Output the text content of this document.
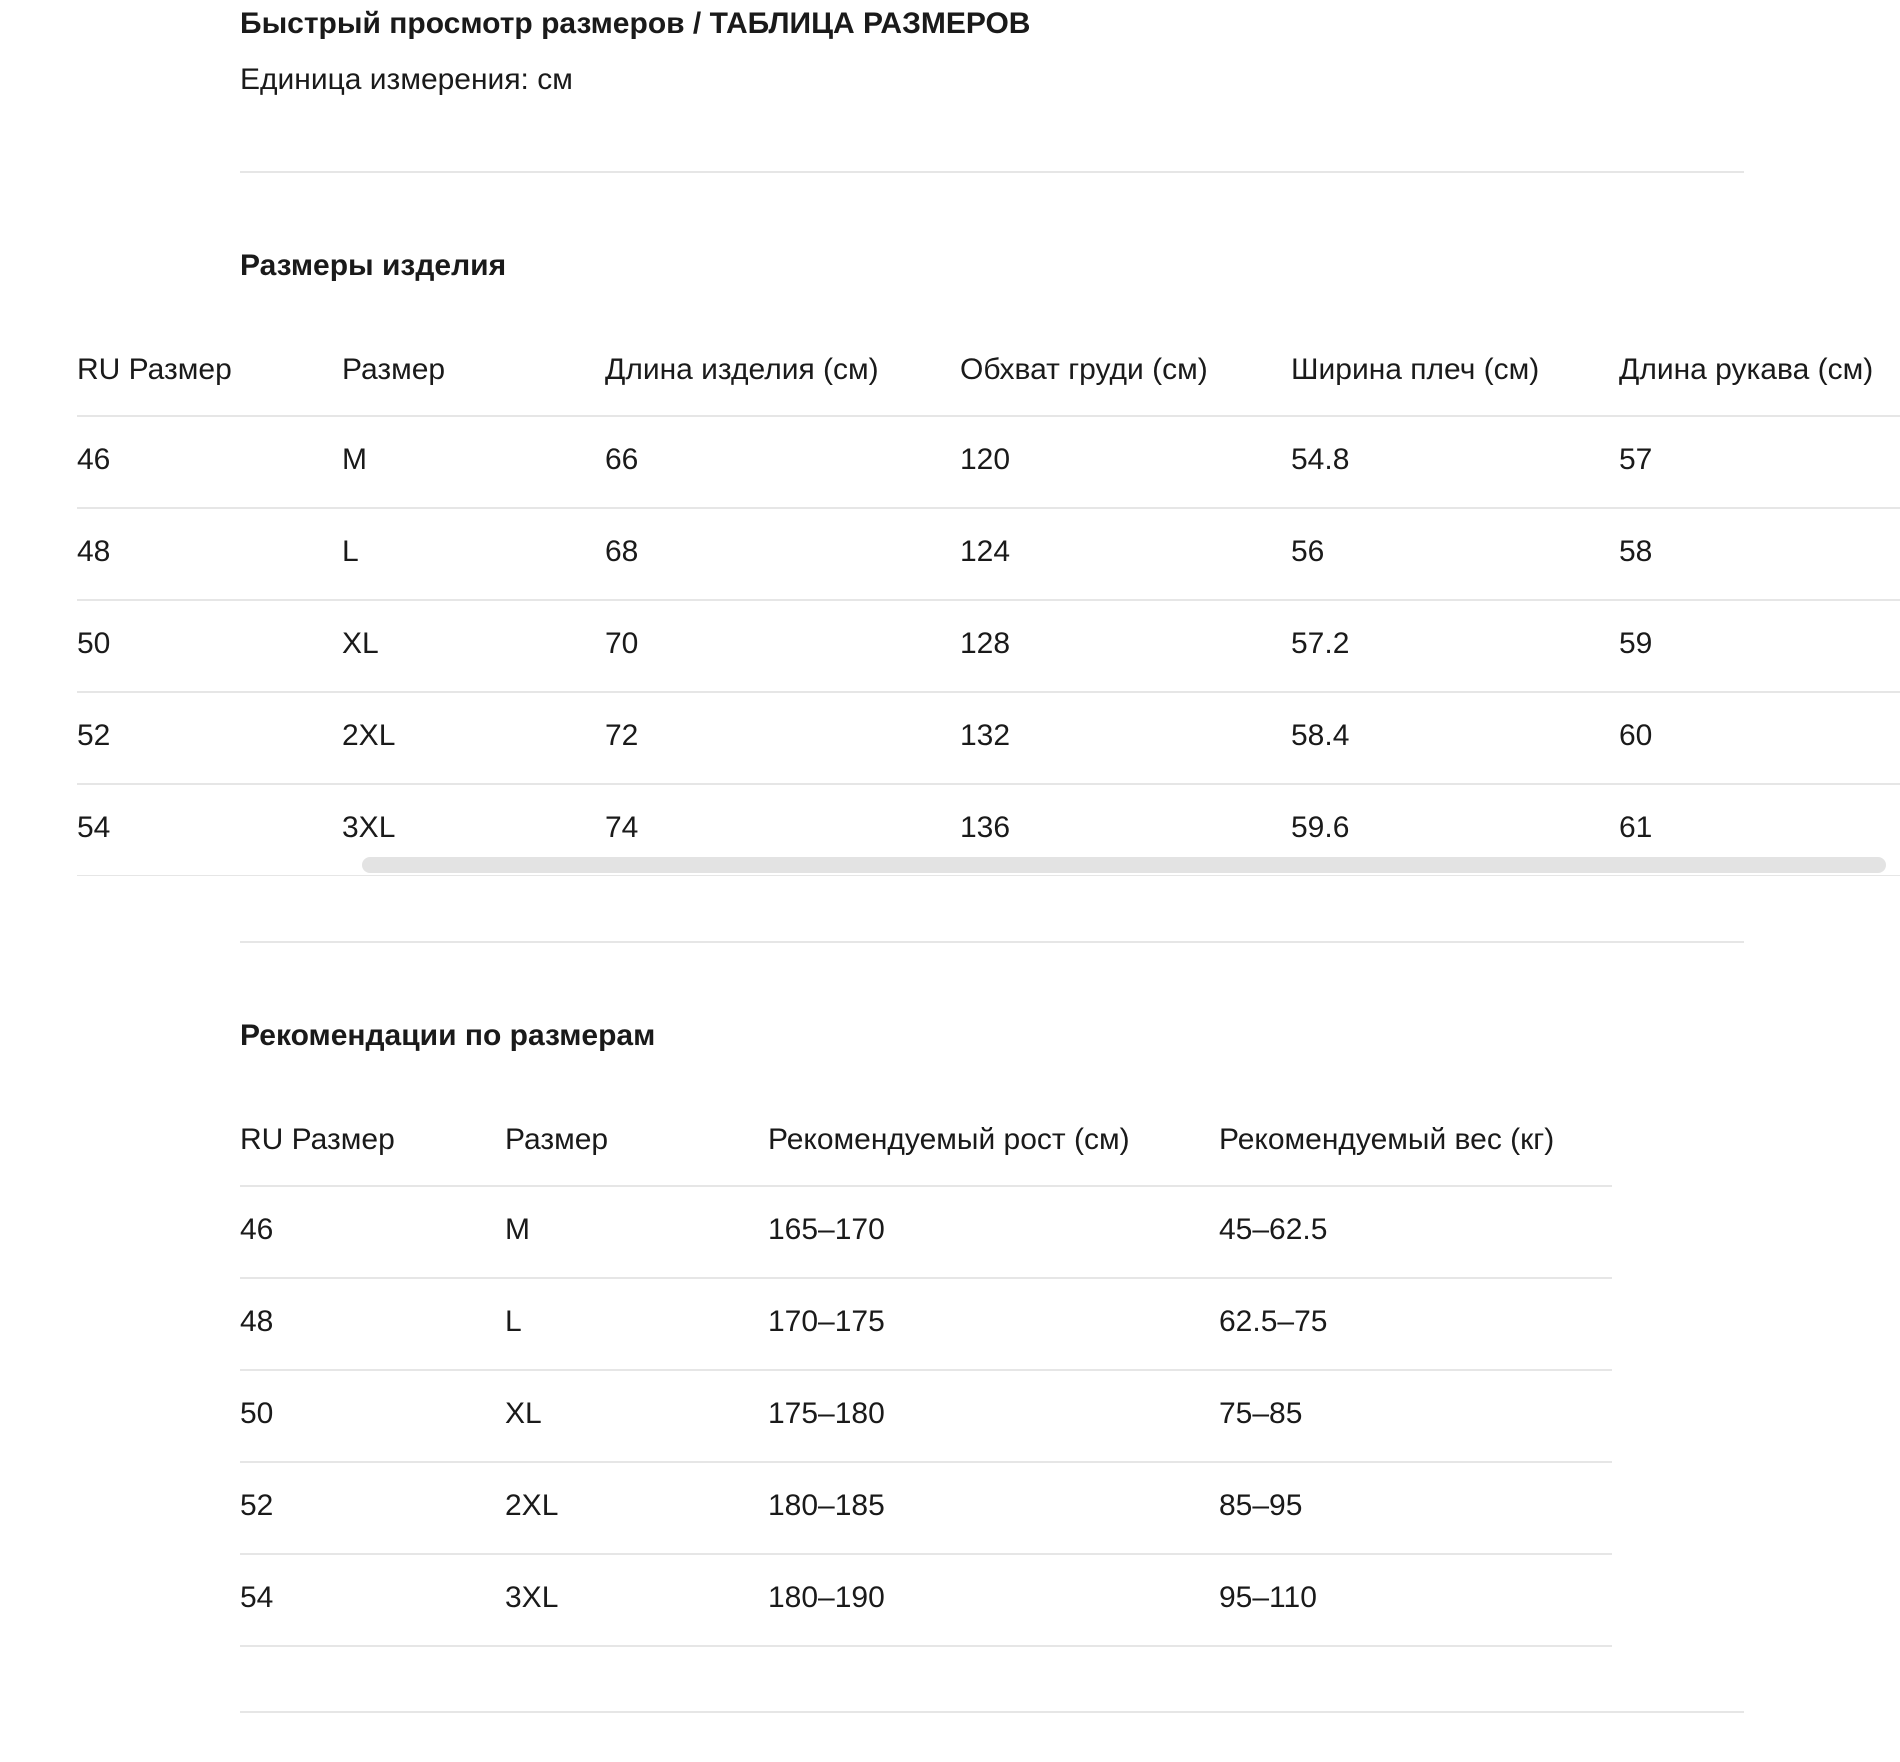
Быстрый просмотр размеров / ТАБЛИЦА РАЗМЕРОВ
Единица измерения: см
Размеры изделия
RU Размер	Размер	Длина изделия (см)	Обхват груди (см)	Ширина плеч (см)	Длина рукава (см)
46	M	66	120	54.8	57
48	L	68	124	56	58
50	XL	70	128	57.2	59
52	2XL	72	132	58.4	60
54	3XL	74	136	59.6	61
Рекомендации по размерам
RU Размер	Размер	Рекомендуемый рост (см)	Рекомендуемый вес (кг)
46	M	165–170	45–62.5
48	L	170–175	62.5–75
50	XL	175–180	75–85
52	2XL	180–185	85–95
54	3XL	180–190	95–110
